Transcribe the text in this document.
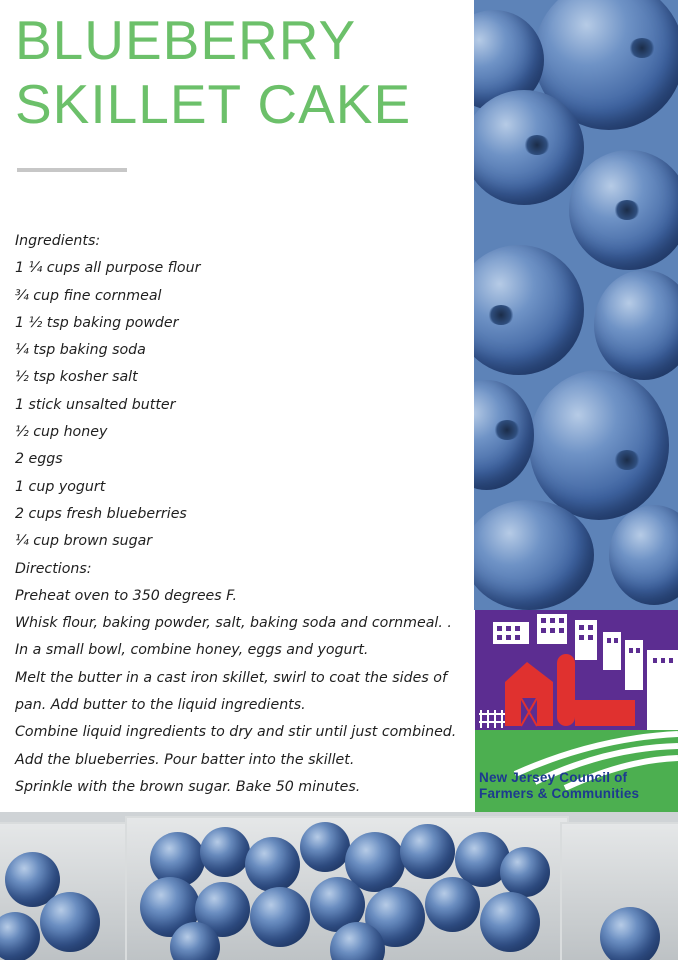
BLUEBERRY
SKILLET CAKE
Ingredients:
1 ¼ cups all purpose flour
¾ cup fine cornmeal
1 ½ tsp baking powder
¼ tsp baking soda
½ tsp kosher salt
1 stick unsalted butter
½ cup honey
2 eggs
1 cup yogurt
2 cups fresh blueberries
¼ cup brown sugar
Directions:
Preheat oven to 350 degrees F.
Whisk flour, baking powder, salt, baking soda and cornmeal. .
In a small bowl, combine honey, eggs and yogurt.
Melt the butter in a cast iron skillet, swirl to coat the sides of pan. Add butter to the liquid ingredients.
Combine liquid ingredients to dry and stir until just combined.
Add the blueberries. Pour batter into the skillet.
Sprinkle with the brown sugar. Bake 50 minutes.
New Jersey Council of
Farmers & Communities
